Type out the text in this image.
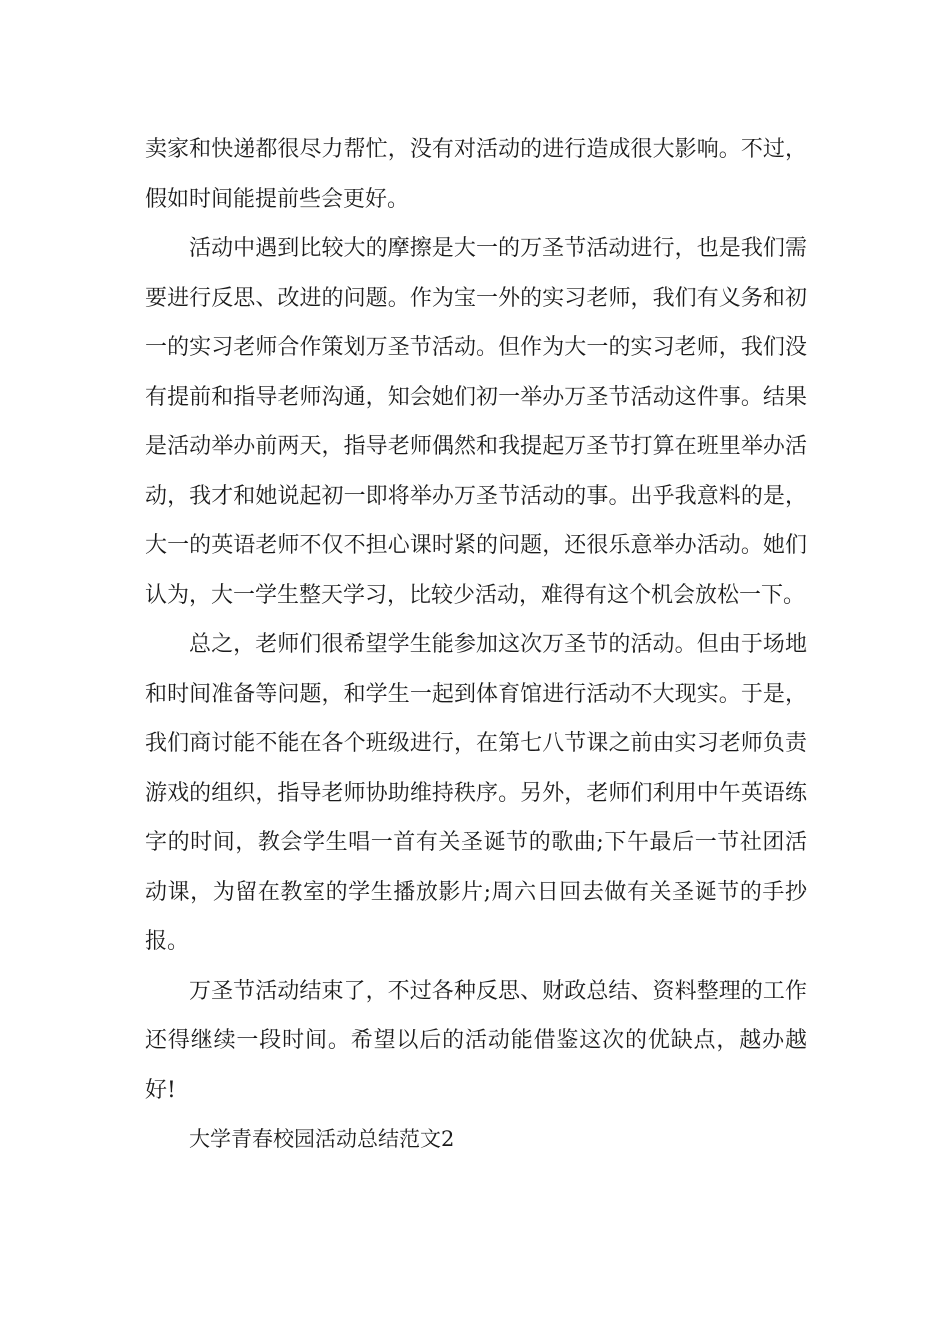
卖家和快递都很尽力帮忙，没有对活动的进行造成很大影响。不过，假如时间能提前些会更好。

活动中遇到比较大的摩擦是大一的万圣节活动进行，也是我们需要进行反思、改进的问题。作为宝一外的实习老师，我们有义务和初一的实习老师合作策划万圣节活动。但作为大一的实习老师，我们没有提前和指导老师沟通，知会她们初一举办万圣节活动这件事。结果是活动举办前两天，指导老师偶然和我提起万圣节打算在班里举办活动，我才和她说起初一即将举办万圣节活动的事。出乎我意料的是，大一的英语老师不仅不担心课时紧的问题，还很乐意举办活动。她们认为，大一学生整天学习，比较少活动，难得有这个机会放松一下。

总之，老师们很希望学生能参加这次万圣节的活动。但由于场地和时间准备等问题，和学生一起到体育馆进行活动不大现实。于是，我们商讨能不能在各个班级进行，在第七八节课之前由实习老师负责游戏的组织，指导老师协助维持秩序。另外，老师们利用中午英语练字的时间，教会学生唱一首有关圣诞节的歌曲;下午最后一节社团活动课，为留在教室的学生播放影片;周六日回去做有关圣诞节的手抄报。

万圣节活动结束了，不过各种反思、财政总结、资料整理的工作还得继续一段时间。希望以后的活动能借鉴这次的优缺点，越办越好!

大学青春校园活动总结范文2
